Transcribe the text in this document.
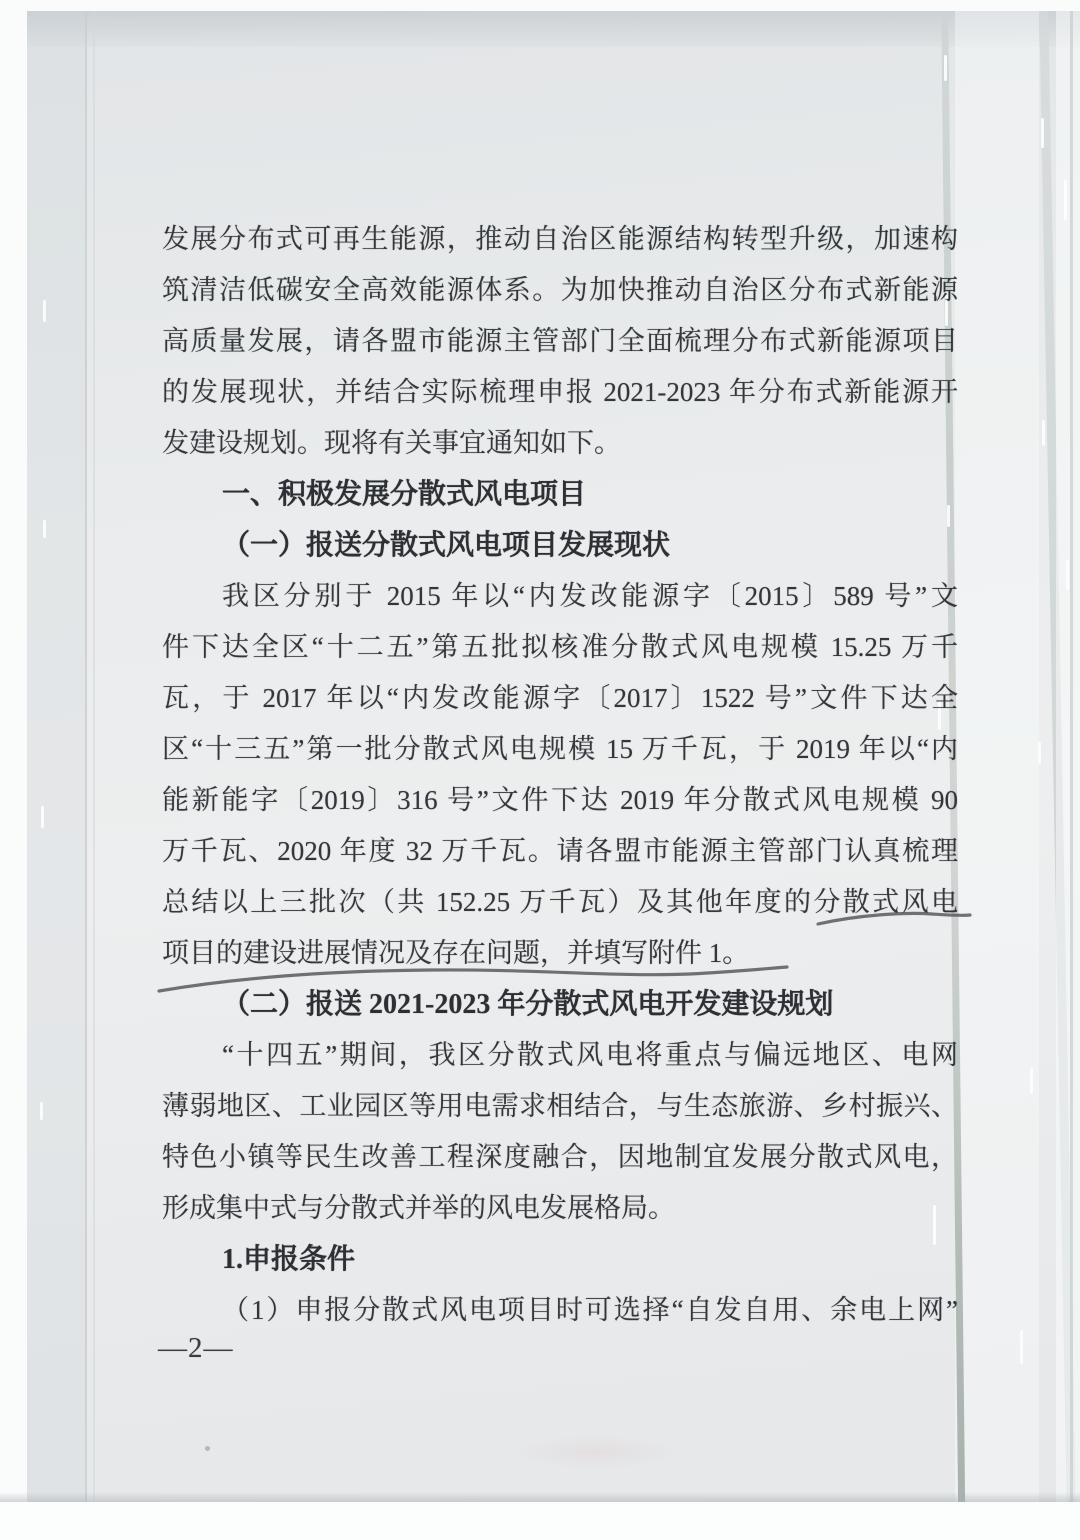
发展分布式可再生能源，推动自治区能源结构转型升级，加速构
筑清洁低碳安全高效能源体系。为加快推动自治区分布式新能源
高质量发展，请各盟市能源主管部门全面梳理分布式新能源项目
的发展现状，并结合实际梳理申报 2021-2023 年分布式新能源开
发建设规划。现将有关事宜通知如下。
一、积极发展分散式风电项目
（一）报送分散式风电项目发展现状
我区分别于 2015 年以“内发改能源字〔2015〕589 号”文
件下达全区“十二五”第五批拟核准分散式风电规模 15.25 万千
瓦，于 2017 年以“内发改能源字〔2017〕1522 号”文件下达全
区“十三五”第一批分散式风电规模 15 万千瓦，于 2019 年以“内
能新能字〔2019〕316 号”文件下达 2019 年分散式风电规模 90
万千瓦、2020 年度 32 万千瓦。请各盟市能源主管部门认真梳理
总结以上三批次（共 152.25 万千瓦）及其他年度的分散式风电
项目的建设进展情况及存在问题，并填写附件 1。
（二）报送 2021-2023 年分散式风电开发建设规划
“十四五”期间，我区分散式风电将重点与偏远地区、电网
薄弱地区、工业园区等用电需求相结合，与生态旅游、乡村振兴、
特色小镇等民生改善工程深度融合，因地制宜发展分散式风电，
形成集中式与分散式并举的风电发展格局。
1.申报条件
（1）申报分散式风电项目时可选择“自发自用、余电上网”
—2—
